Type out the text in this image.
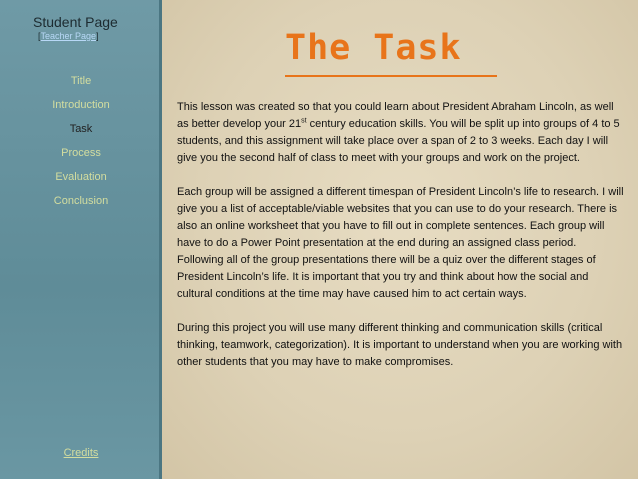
Student Page
[Teacher Page]
Title
Introduction
Task
Process
Evaluation
Conclusion
Credits
The Task

This lesson was created so that you could learn about President Abraham Lincoln, as well as better develop your 21st century education skills. You will be split up into groups of 4 to 5 students, and this assignment will take place over a span of 2 to 3 weeks. Each day I will give you the second half of class to meet with your groups and work on the project.

Each group will be assigned a different timespan of President Lincoln’s life to research. I will give you a list of acceptable/viable websites that you can use to do your research. There is also an online worksheet that you have to fill out in complete sentences. Each group will have to do a Power Point presentation at the end during an assigned class period. Following all of the group presentations there will be a quiz over the different stages of President Lincoln’s life. It is important that you try and think about how the social and cultural conditions at the time may have caused him to act certain ways.

During this project you will use many different thinking and communication skills (critical thinking, teamwork, categorization). It is important to understand when you are working with other students that you may have to make compromises.
